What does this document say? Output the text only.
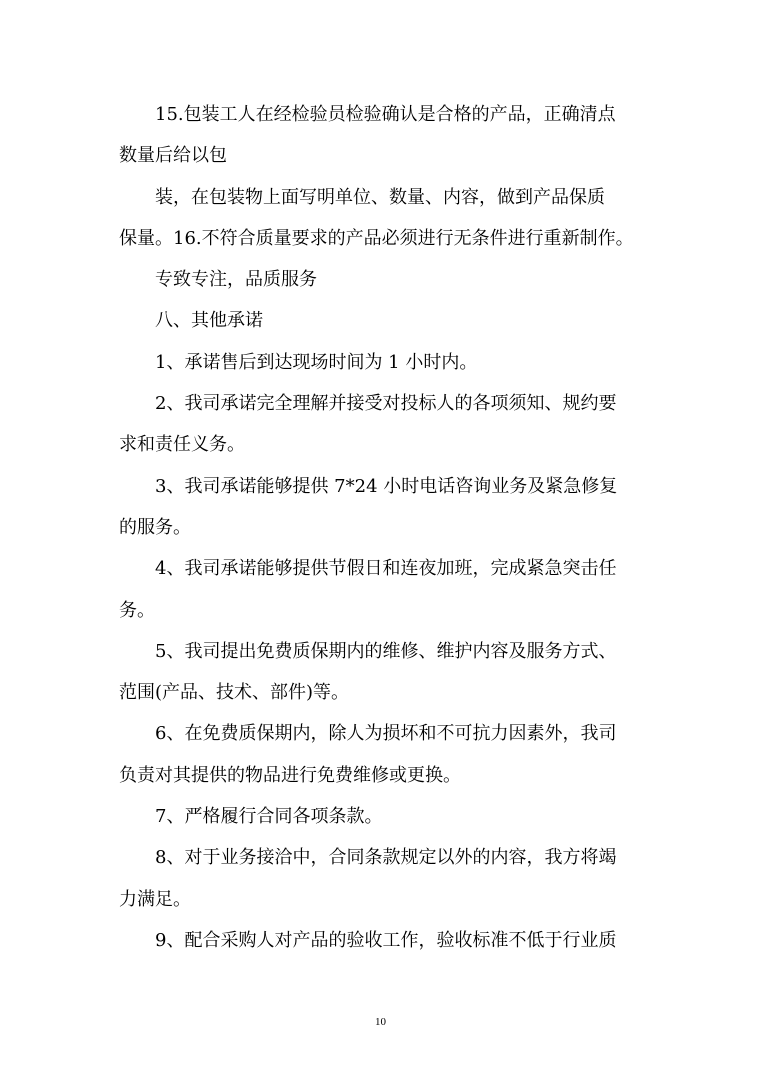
15.包装工人在经检验员检验确认是合格的产品，正确清点
数量后给以包
装，在包装物上面写明单位、数量、内容，做到产品保质
保量。16.不符合质量要求的产品必须进行无条件进行重新制作。
专致专注，品质服务
八、其他承诺
1、承诺售后到达现场时间为 1 小时内。
2、我司承诺完全理解并接受对投标人的各项须知、规约要
求和责任义务。
3、我司承诺能够提供 7*24 小时电话咨询业务及紧急修复
的服务。
4、我司承诺能够提供节假日和连夜加班，完成紧急突击任
务。
5、我司提出免费质保期内的维修、维护内容及服务方式、
范围(产品、技术、部件)等。
6、在免费质保期内，除人为损坏和不可抗力因素外，我司
负责对其提供的物品进行免费维修或更换。
7、严格履行合同各项条款。
8、对于业务接洽中，合同条款规定以外的内容，我方将竭
力满足。
9、配合采购人对产品的验收工作，验收标准不低于行业质
10
